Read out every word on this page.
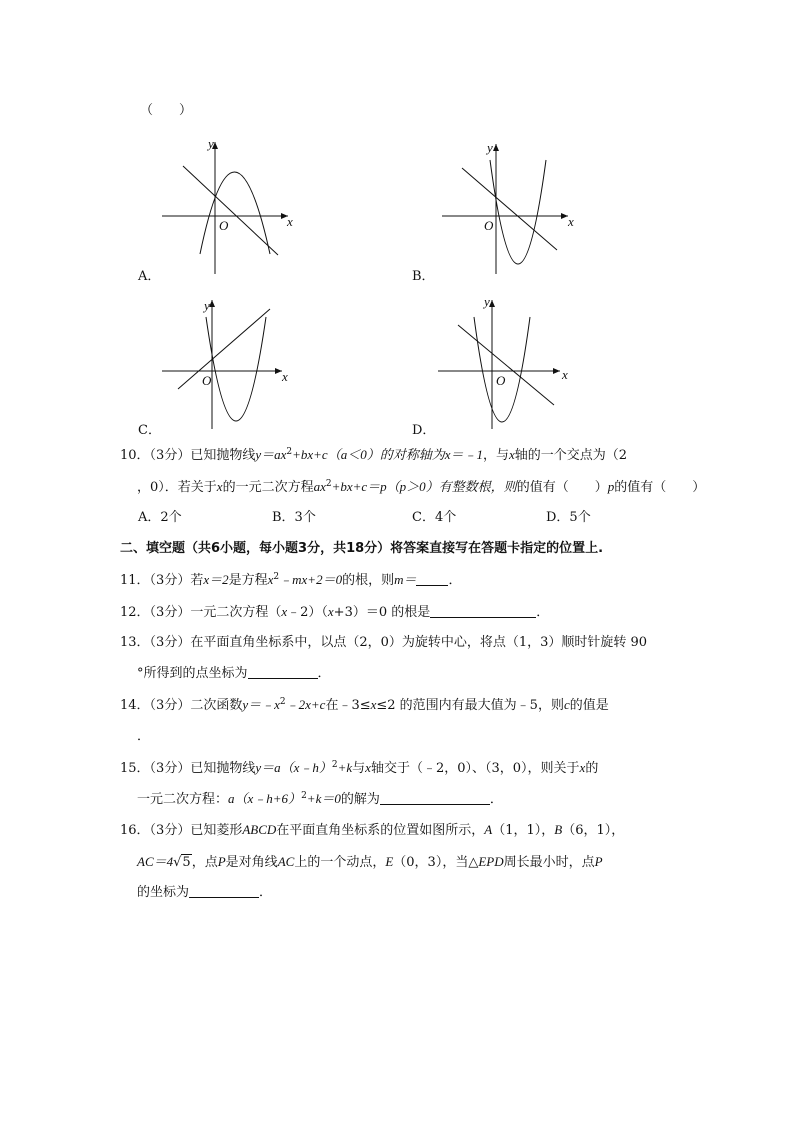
（　　）
y
x
O
A．
y
x
O
B．
y
x
O
C．
y
x
O
D．
10．（3分）已知抛物线$y=ax^2+bx+c(a<0)$的对称轴为x＝﹣1，与x轴的一个交点为（2
，0）．若关于x的一元二次方程$ax^2+bx+c=p(p>0)$有整数根，则的值有（　　）p的值有（　　）
A．2个	B．3个	C．4个	D．5个
二、填空题（共6小题，每小题3分，共18分）将答案直接写在答题卡指定的位置上.
11．（3分）若x＝2是方程$x^2﹣mx+2=0$的根，则m＝ ．
12．（3分）一元二次方程（x﹣2）（x+3）＝0 的根是	．
13．（3分）在平面直角坐标系中，以点（2，0）为旋转中心，将点（1，3）顺时针旋转 90
°所得到的点坐标为	．
14．（3分）二次函数$y=﹣x^2﹣2x+c$在﹣3≤x≤2 的范围内有最大值为﹣5，则c的值是
．
15．（3分）已知抛物线y＝a（x﹣h）$^2$+k与x轴交于（﹣2，0）、（3，0），则关于x的
一元二次方程：a（x﹣h+6）$^2$+k＝0的解为	．
16．（3分）已知菱形ABCD在平面直角坐标系的位置如图所示，A（1，1），B（6，1），
AC＝4√5，点P是对角线AC上的一个动点，E（0，3），当△EPD周长最小时，点P
的坐标为	．
